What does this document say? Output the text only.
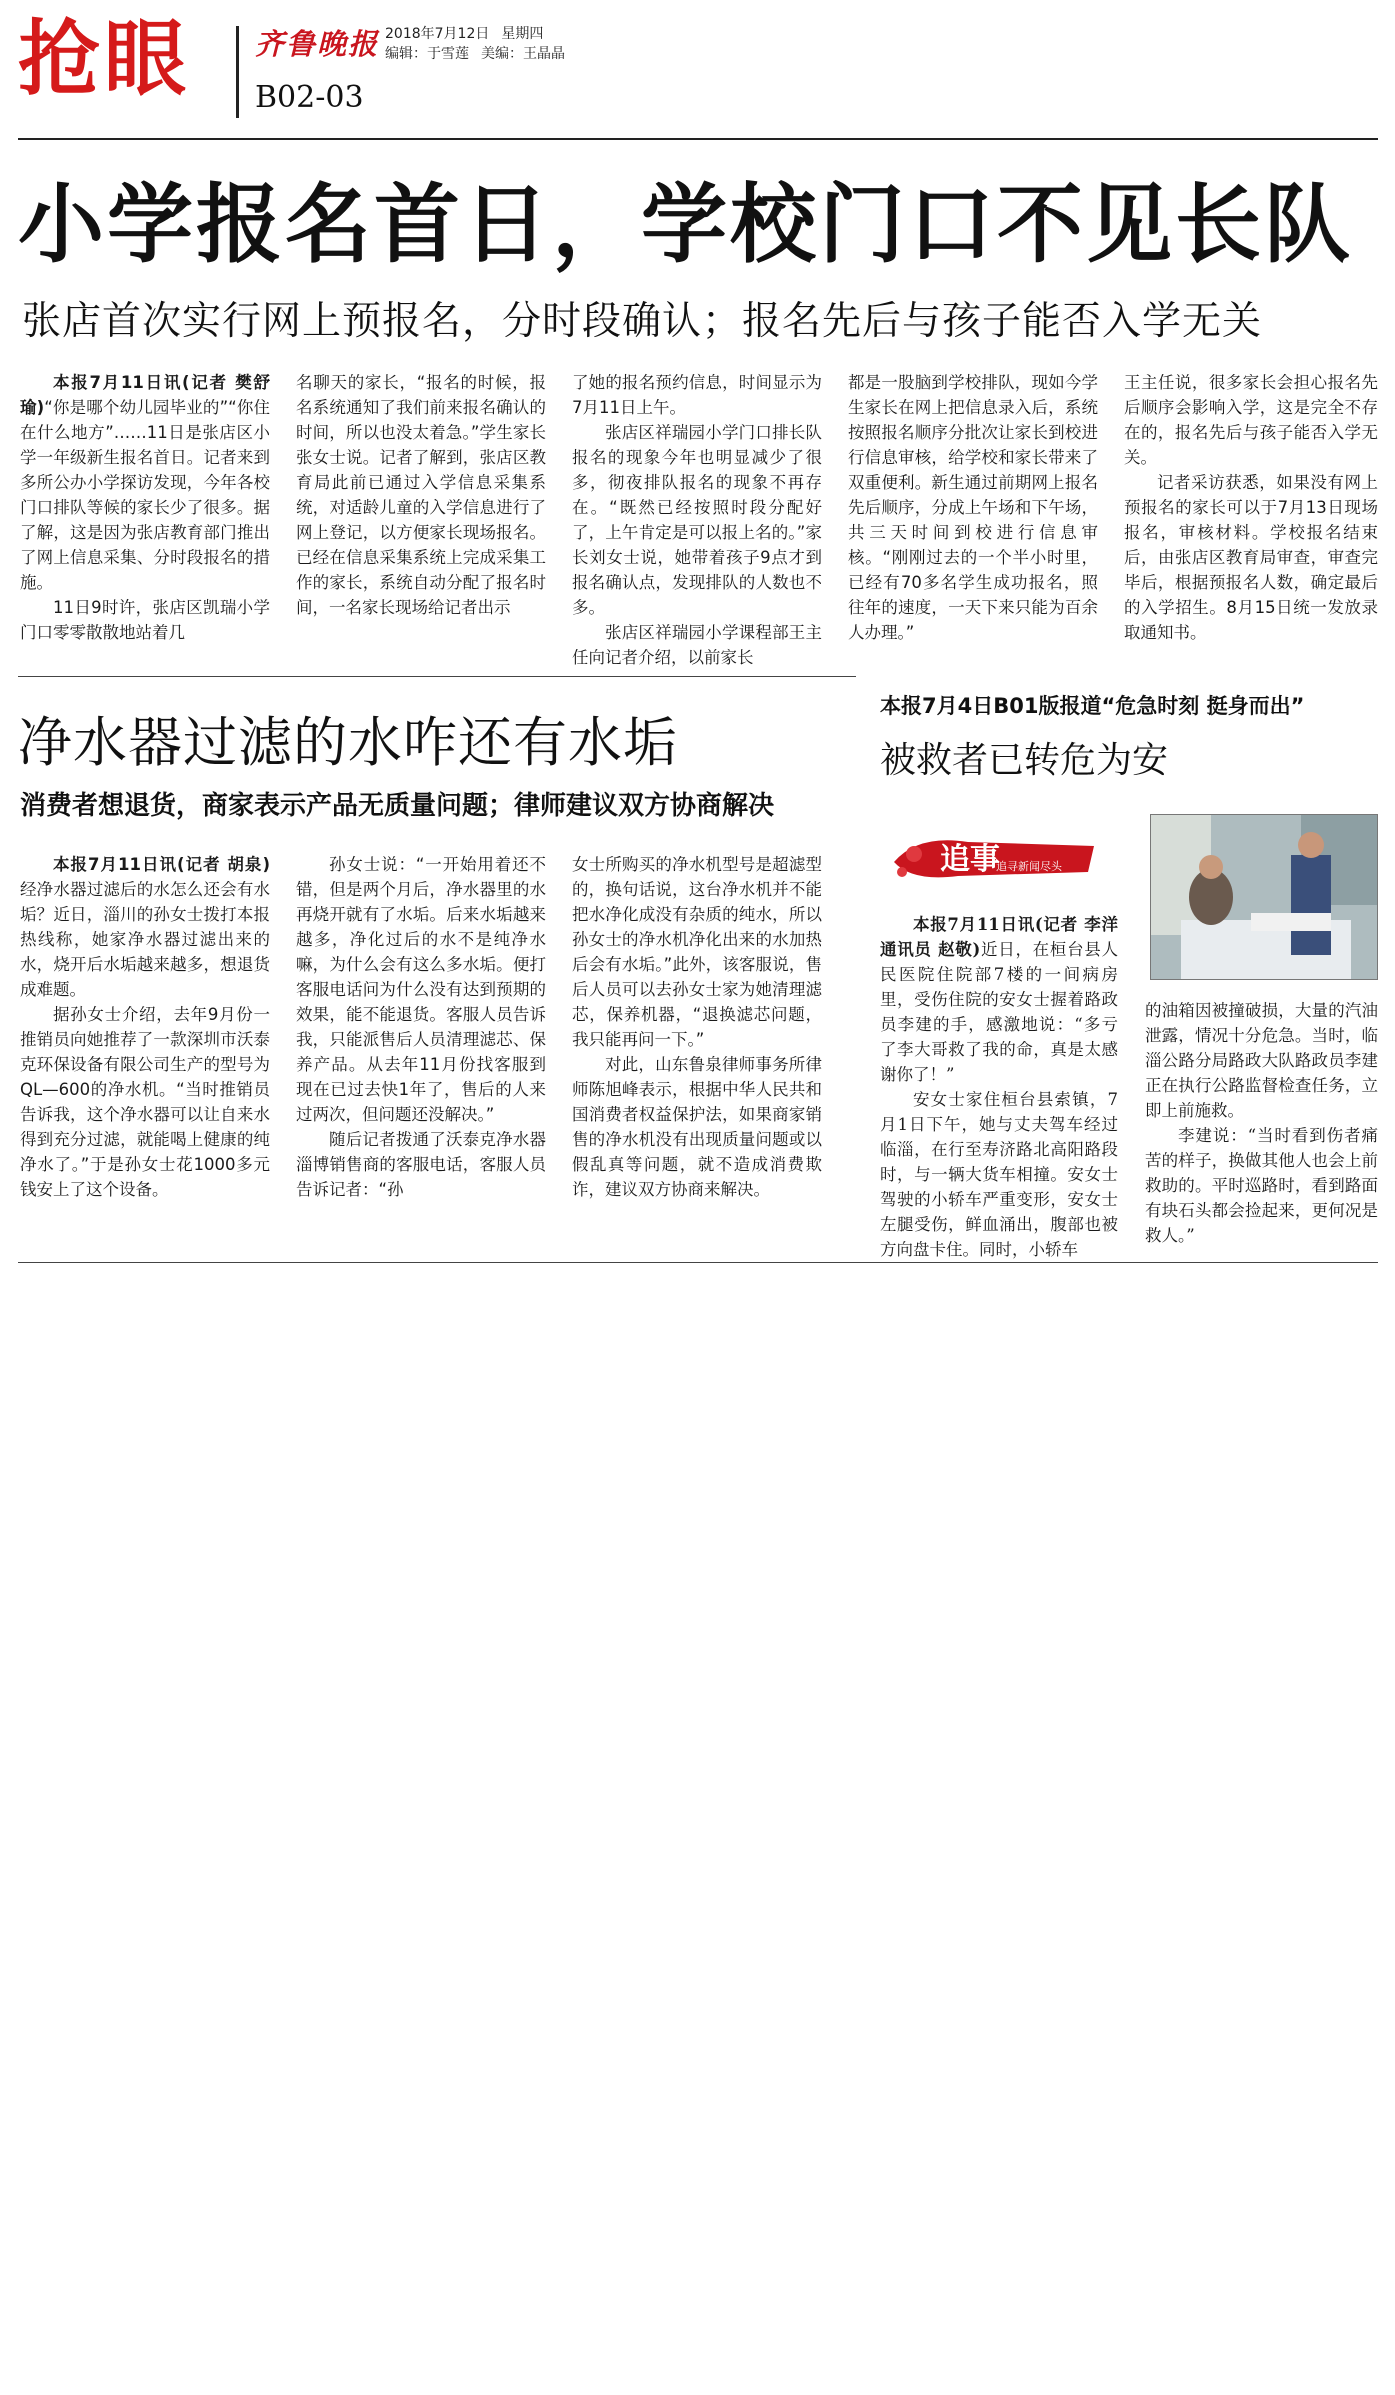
抢眼 齐鲁晚报 2018年7月12日 星期四
编辑：于雪莲 美编：王晶晶
B02-03
小学报名首日，学校门口不见长队
张店首次实行网上预报名，分时段确认；报名先后与孩子能否入学无关

本报7月11日讯(记者 樊舒瑜)“你是哪个幼儿园毕业的”“你住在什么地方”……11日是张店区小学一年级新生报名首日。记者来到多所公办小学探访发现，今年各校门口排队等候的家长少了很多。据了解，这是因为张店教育部门推出了网上信息采集、分时段报名的措施。

11日9时许，张店区凯瑞小学门口零零散散地站着几

名聊天的家长，“报名的时候，报名系统通知了我们前来报名确认的时间，所以也没太着急。”学生家长张女士说。记者了解到，张店区教育局此前已通过入学信息采集系统，对适龄儿童的入学信息进行了网上登记，以方便家长现场报名。已经在信息采集系统上完成采集工作的家长，系统自动分配了报名时间，一名家长现场给记者出示

了她的报名预约信息，时间显示为7月11日上午。

张店区祥瑞园小学门口排长队报名的现象今年也明显减少了很多，彻夜排队报名的现象不再存在。“既然已经按照时段分配好了，上午肯定是可以报上名的。”家长刘女士说，她带着孩子9点才到报名确认点，发现排队的人数也不多。

张店区祥瑞园小学课程部王主任向记者介绍，以前家长

都是一股脑到学校排队，现如今学生家长在网上把信息录入后，系统按照报名顺序分批次让家长到校进行信息审核，给学校和家长带来了双重便利。新生通过前期网上报名先后顺序，分成上午场和下午场，共三天时间到校进行信息审核。“刚刚过去的一个半小时里，已经有70多名学生成功报名，照往年的速度，一天下来只能为百余人办理。”

王主任说，很多家长会担心报名先后顺序会影响入学，这是完全不存在的，报名先后与孩子能否入学无关。

记者采访获悉，如果没有网上预报名的家长可以于7月13日现场报名，审核材料。学校报名结束后，由张店区教育局审查，审查完毕后，根据预报名人数，确定最后的入学招生。8月15日统一发放录取通知书。

净水器过滤的水咋还有水垢
消费者想退货，商家表示产品无质量问题；律师建议双方协商解决

本报7月11日讯(记者 胡泉)经净水器过滤后的水怎么还会有水垢？近日，淄川的孙女士拨打本报热线称，她家净水器过滤出来的水，烧开后水垢越来越多，想退货成难题。

据孙女士介绍，去年9月份一推销员向她推荐了一款深圳市沃泰克环保设备有限公司生产的型号为QL—600的净水机。“当时推销员告诉我，这个净水器可以让自来水得到充分过滤，就能喝上健康的纯净水了。”于是孙女士花1000多元钱安上了这个设备。

孙女士说：“一开始用着还不错，但是两个月后，净水器里的水再烧开就有了水垢。后来水垢越来越多，净化过后的水不是纯净水嘛，为什么会有这么多水垢。便打客服电话问为什么没有达到预期的效果，能不能退货。客服人员告诉我，只能派售后人员清理滤芯、保养产品。从去年11月份找客服到现在已过去快1年了，售后的人来过两次，但问题还没解决。”

随后记者拨通了沃泰克净水器淄博销售商的客服电话，客服人员告诉记者：“孙

女士所购买的净水机型号是超滤型的，换句话说，这台净水机并不能把水净化成没有杂质的纯水，所以孙女士的净水机净化出来的水加热后会有水垢。”此外，该客服说，售后人员可以去孙女士家为她清理滤芯，保养机器，“退换滤芯问题，我只能再问一下。”

对此，山东鲁泉律师事务所律师陈旭峰表示，根据中华人民共和国消费者权益保护法，如果商家销售的净水机没有出现质量问题或以假乱真等问题，就不造成消费欺诈，建议双方协商来解决。

本报7月4日B01版报道“危急时刻 挺身而出”
被救者已转危为安
追事
追寻新闻尽头

本报7月11日讯(记者 李洋 通讯员 赵敬)近日，在桓台县人民医院住院部7楼的一间病房里，受伤住院的安女士握着路政员李建的手，感激地说：“多亏了李大哥救了我的命，真是太感谢你了！”

安女士家住桓台县索镇，7月1日下午，她与丈夫驾车经过临淄，在行至寿济路北高阳路段时，与一辆大货车相撞。安女士驾驶的小轿车严重变形，安女士左腿受伤，鲜血涌出，腹部也被方向盘卡住。同时，小轿车

的油箱因被撞破损，大量的汽油泄露，情况十分危急。当时，临淄公路分局路政大队路政员李建正在执行公路监督检查任务，立即上前施救。

李建说：“当时看到伤者痛苦的样子，换做其他人也会上前救助的。平时巡路时，看到路面有块石头都会捡起来，更何况是救人。”
